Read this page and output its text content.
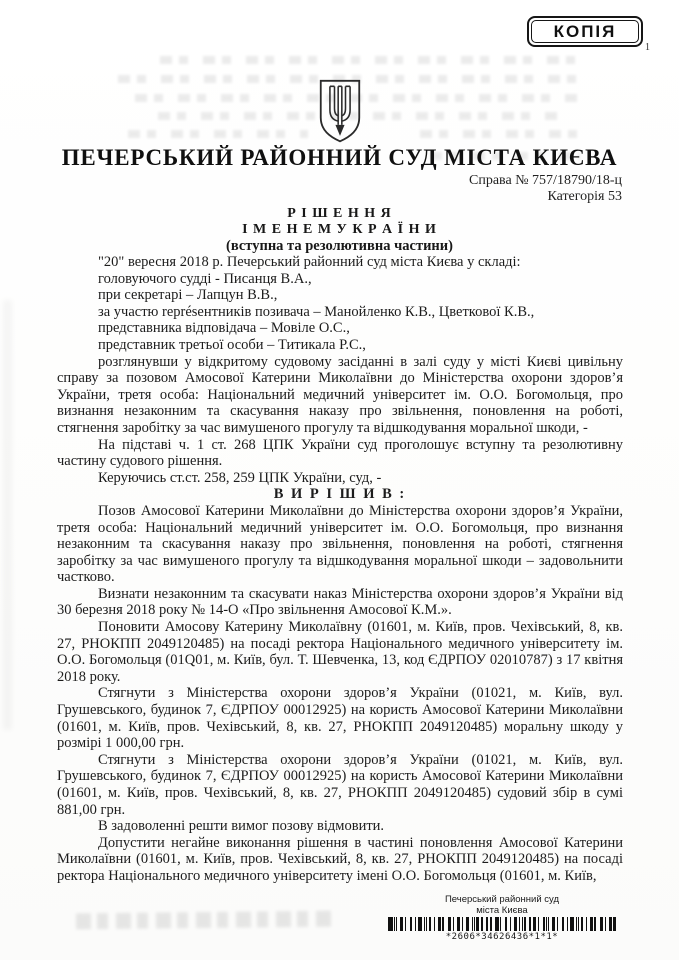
КОПІЯ
1
ПЕЧЕРСЬКИЙ РАЙОННИЙ СУД МІСТА КИЄВА
Справа № 757/18790/18-ц
Категорія 53
Р І Ш Е Н Н Я
І М Е Н Е М У К Р А Ї Н И
(вступна та резолютивна частини)

"20" вересня 2018 р. Печерський районний суд міста Києва у складі:

головуючого судді - Писанця В.А.,

при секретарі – Лапцун В.В.,

за участю représентників позивача – Манойленко К.В., Цветкової К.В.,

представника відповідача – Мовіле О.С.,

представник третьої особи – Титикала Р.С.,

розглянувши у відкритому судовому засіданні в залі суду у місті Києві цивільну справу за позовом Амосової Катерини Миколаївни до Міністерства охорони здоров’я України, третя особа: Національний медичний університет ім. О.О. Богомольця, про визнання незаконним та скасування наказу про звільнення, поновлення на роботі, стягнення заробітку за час вимушеного прогулу та відшкодування моральної шкоди, -

На підставі ч. 1 ст. 268 ЦПК України суд проголошує вступну та резолютивну частину судового рішення.

Керуючись ст.ст. 258, 259 ЦПК України, суд, -

В И Р І Ш И В :

Позов Амосової Катерини Миколаївни до Міністерства охорони здоров’я України, третя особа: Національний медичний університет ім. О.О. Богомольця, про визнання незаконним та скасування наказу про звільнення, поновлення на роботі, стягнення заробітку за час вимушеного прогулу та відшкодування моральної шкоди – задовольнити частково.

Визнати незаконним та скасувати наказ Міністерства охорони здоров’я України від 30 березня 2018 року № 14-О «Про звільнення Амосової К.М.».

Поновити Амосову Катерину Миколаївну (01601, м. Київ, пров. Чехівський, 8, кв. 27, РНОКПП 2049120485) на посаді ректора Національного медичного університету ім. О.О. Богомольця (01Q01, м. Київ, бул. Т. Шевченка, 13, код ЄДРПОУ 02010787) з 17 квітня 2018 року.

Стягнути з Міністерства охорони здоров’я України (01021, м. Київ, вул. Грушевського, будинок 7, ЄДРПОУ 00012925) на користь Амосової Катерини Миколаївни (01601, м. Київ, пров. Чехівський, 8, кв. 27, РНОКПП 2049120485) моральну шкоду у розмірі 1 000,00 грн.

Стягнути з Міністерства охорони здоров’я України (01021, м. Київ, вул. Грушевського, будинок 7, ЄДРПОУ 00012925) на користь Амосової Катерини Миколаївни (01601, м. Київ, пров. Чехівський, 8, кв. 27, РНОКПП 2049120485) судовий збір в сумі 881,00 грн.

В задоволенні решти вимог позову відмовити.

Допустити негайне виконання рішення в частині поновлення Амосової Катерини Миколаївни (01601, м. Київ, пров. Чехівський, 8, кв. 27, РНОКПП 2049120485) на посаді ректора Національного медичного університету імені О.О. Богомольця (01601, м. Київ,

Печерський районний суд
міста Києва
*2606*34626436*1*1*
